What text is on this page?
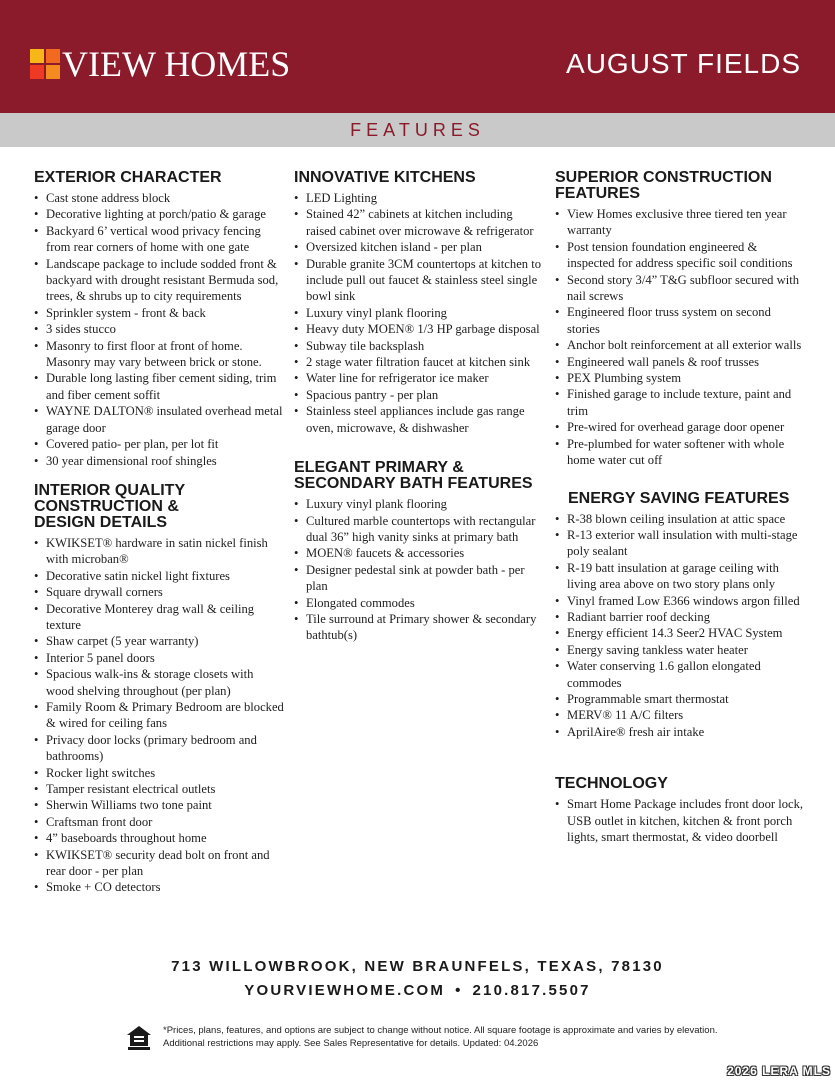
VIEW HOMES	AUGUST FIELDS
FEATURES
EXTERIOR CHARACTER
• Cast stone address block
• Decorative lighting at porch/patio & garage
• Backyard 6’ vertical wood privacy fencing from rear corners of home with one gate
• Landscape package to include sodded front & backyard with drought resistant Bermuda sod, trees, & shrubs up to city requirements
• Sprinkler system - front & back
• 3 sides stucco
• Masonry to first floor at front of home. Masonry may vary between brick or stone.
• Durable long lasting fiber cement siding, trim and fiber cement soffit
• WAYNE DALTON® insulated overhead metal garage door
• Covered patio- per plan, per lot fit
• 30 year dimensional roof shingles
INTERIOR QUALITY CONSTRUCTION & DESIGN DETAILS
• KWIKSET® hardware in satin nickel finish with microban®
• Decorative satin nickel light fixtures
• Square drywall corners
• Decorative Monterey drag wall & ceiling texture
• Shaw carpet (5 year warranty)
• Interior 5 panel doors
• Spacious walk-ins & storage closets with wood shelving throughout (per plan)
• Family Room & Primary Bedroom are blocked & wired for ceiling fans
• Privacy door locks (primary bedroom and bathrooms)
• Rocker light switches
• Tamper resistant electrical outlets
• Sherwin Williams two tone paint
• Craftsman front door
• 4” baseboards throughout home
• KWIKSET® security dead bolt on front and rear door - per plan
• Smoke + CO detectors
INNOVATIVE KITCHENS
• LED Lighting
• Stained 42” cabinets at kitchen including raised cabinet over microwave & refrigerator
• Oversized kitchen island - per plan
• Durable granite 3CM countertops at kitchen to include pull out faucet & stainless steel single bowl sink
• Luxury vinyl plank flooring
• Heavy duty MOEN® 1/3 HP garbage disposal
• Subway tile backsplash
• 2 stage water filtration faucet at kitchen sink
• Water line for refrigerator ice maker
• Spacious pantry - per plan
• Stainless steel appliances include gas range oven, microwave, & dishwasher
ELEGANT PRIMARY & SECONDARY BATH FEATURES
• Luxury vinyl plank flooring
• Cultured marble countertops with rectangular dual 36” high vanity sinks at primary bath
• MOEN® faucets & accessories
• Designer pedestal sink at powder bath - per plan
• Elongated commodes
• Tile surround at Primary shower & secondary bathtub(s)
SUPERIOR CONSTRUCTION FEATURES
• View Homes exclusive three tiered ten year warranty
• Post tension foundation engineered & inspected for address specific soil conditions
• Second story 3/4” T&G subfloor secured with nail screws
• Engineered floor truss system on second stories
• Anchor bolt reinforcement at all exterior walls
• Engineered wall panels & roof trusses
• PEX Plumbing system
• Finished garage to include texture, paint and trim
• Pre-wired for overhead garage door opener
• Pre-plumbed for water softener with whole home water cut off
ENERGY SAVING FEATURES
• R-38 blown ceiling insulation at attic space
• R-13 exterior wall insulation with multi-stage poly sealant
• R-19 batt insulation at garage ceiling with living area above on two story plans only
• Vinyl framed Low E366 windows argon filled
• Radiant barrier roof decking
• Energy efficient 14.3 Seer2 HVAC System
• Energy saving tankless water heater
• Water conserving 1.6 gallon elongated commodes
• Programmable smart thermostat
• MERV® 11 A/C filters
• AprilAire® fresh air intake
TECHNOLOGY
• Smart Home Package includes front door lock, USB outlet in kitchen, kitchen & front porch lights, smart thermostat, & video doorbell
713 WILLOWBROOK, NEW BRAUNFELS, TEXAS, 78130
YOURVIEWHOME.COM • 210.817.5507
*Prices, plans, features, and options are subject to change without notice. All square footage is approximate and varies by elevation.
Additional restrictions may apply. See Sales Representative for details. Updated: 04.2026
2026 LERA MLS
